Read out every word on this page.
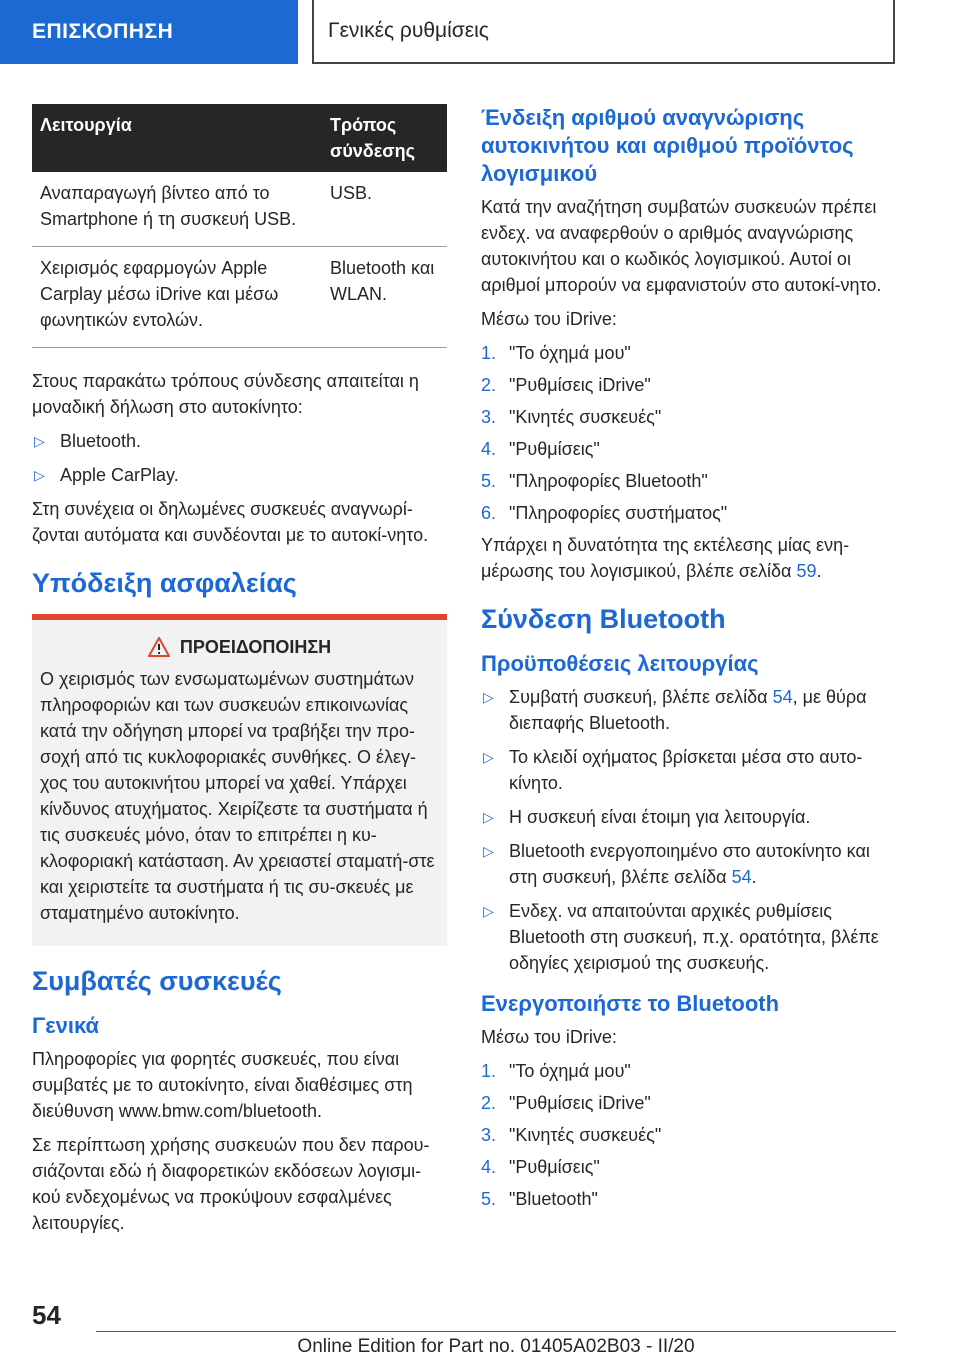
ΕΠΙΣΚΟΠΗΣΗ	Γενικές ρυθμίσεις
Λειτουργία	Τρόπος σύνδεσης
Αναπαραγωγή βίντεο από το Smartphone ή τη συσκευή USB.	USB.
Χειρισμός εφαρμογών Apple Carplay μέσω iDrive και μέσω φωνητικών εντολών.	Bluetooth και WLAN.

Στους παρακάτω τρόπους σύνδεσης απαιτείται η μοναδική δήλωση στο αυτοκίνητο:

▷ Bluetooth.
▷ Apple CarPlay.

Στη συνέχεια οι δηλωμένες συσκευές αναγνωρί-ζονται αυτόματα και συνδέονται με το αυτοκί-νητο.

Υπόδειξη ασφαλείας
ΠΡΟΕΙΔΟΠΟΙΗΣΗ
Ο χειρισμός των ενσωματωμένων συστημάτων πληροφοριών και των συσκευών επικοινωνίας κατά την οδήγηση μπορεί να τραβήξει την προ-σοχή από τις κυκλοφοριακές συνθήκες. Ο έλεγ-χος του αυτοκινήτου μπορεί να χαθεί. Υπάρχει κίνδυνος ατυχήματος. Χειρίζεστε τα συστήματα ή τις συσκευές μόνο, όταν το επιτρέπει η κυ-κλοφοριακή κατάσταση. Αν χρειαστεί σταματή-στε και χειριστείτε τα συστήματα ή τις συ-σκευές με σταματημένο αυτοκίνητο.
Συμβατές συσκευές
Γενικά

Πληροφορίες για φορητές συσκευές, που είναι συμβατές με το αυτοκίνητο, είναι διαθέσιμες στη διεύθυνση www.bmw.com/bluetooth.

Σε περίπτωση χρήσης συσκευών που δεν παρου-σιάζονται εδώ ή διαφορετικών εκδόσεων λογισμι-κού ενδεχομένως να προκύψουν εσφαλμένες λειτουργίες.

Ένδειξη αριθμού αναγνώρισης αυτοκινήτου και αριθμού προϊόντος λογισμικού

Κατά την αναζήτηση συμβατών συσκευών πρέπει ενδεχ. να αναφερθούν ο αριθμός αναγνώρισης αυτοκινήτου και ο κωδικός λογισμικού. Αυτοί οι αριθμοί μπορούν να εμφανιστούν στο αυτοκί-νητο.

Μέσω του iDrive:

1. "Το όχημά μου"
2. "Ρυθμίσεις iDrive"
3. "Κινητές συσκευές"
4. "Ρυθμίσεις"
5. "Πληροφορίες Bluetooth"
6. "Πληροφορίες συστήματος"

Υπάρχει η δυνατότητα της εκτέλεσης μίας ενη-μέρωσης του λογισμικού, βλέπε σελίδα 59.

Σύνδεση Bluetooth
Προϋποθέσεις λειτουργίας
▷ Συμβατή συσκευή, βλέπε σελίδα 54, με θύρα διεπαφής Bluetooth.
▷ Το κλειδί οχήματος βρίσκεται μέσα στο αυτο-κίνητο.
▷ Η συσκευή είναι έτοιμη για λειτουργία.
▷ Bluetooth ενεργοποιημένο στο αυτοκίνητο και στη συσκευή, βλέπε σελίδα 54.
▷ Ενδεχ. να απαιτούνται αρχικές ρυθμίσεις Bluetooth στη συσκευή, π.χ. ορατότητα, βλέπε οδηγίες χειρισμού της συσκευής.
Ενεργοποιήστε το Bluetooth

Μέσω του iDrive:

1. "Το όχημά μου"
2. "Ρυθμίσεις iDrive"
3. "Κινητές συσκευές"
4. "Ρυθμίσεις"
5. "Bluetooth"
54
Online Edition for Part no. 01405A02B03 - II/20
